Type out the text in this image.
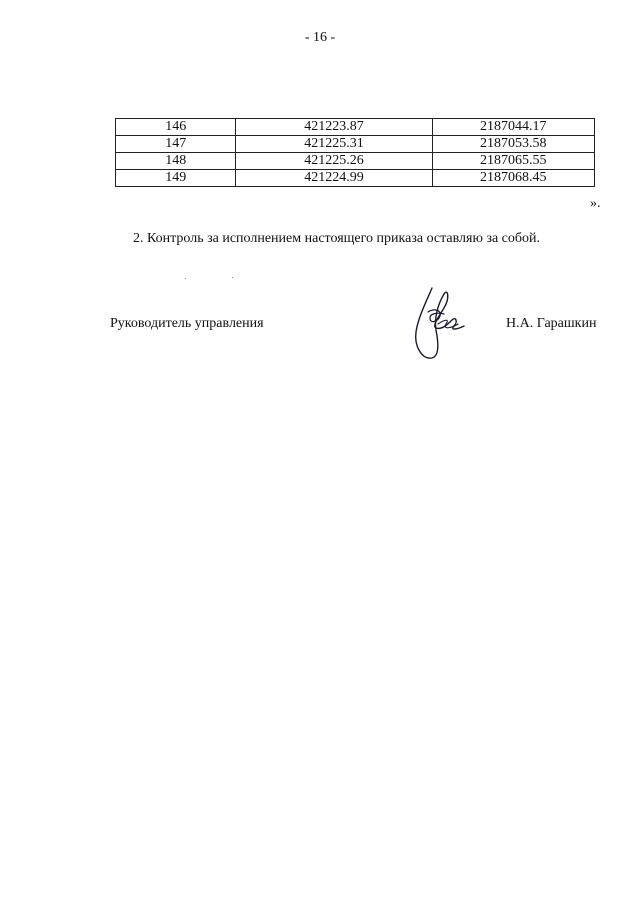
- 16 -
146	421223.87	2187044.17
147	421225.31	2187053.58
148	421225.26	2187065.55
149	421224.99	2187068.45
».
2. Контроль за исполнением настоящего приказа оставляю за собой.
Руководитель управления	Н.А. Гарашкин
